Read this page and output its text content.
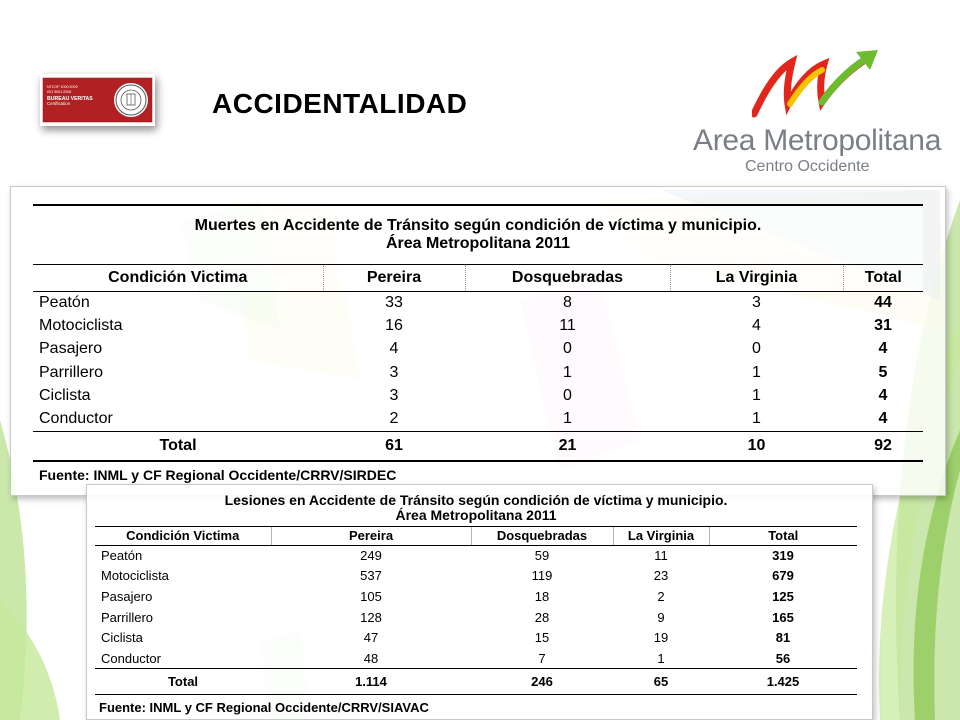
NTCGP 1000:2009
ISO 9001:2008
BUREAU VERITAS
Certification	ACCIDENTALIDAD
Area Metropolitana
Centro Occidente
Muertes en Accidente de Tránsito según condición de víctima y municipio.
Área Metropolitana 2011				

Condición Victima	Pereira	Dosquebradas	La Virginia	Total
Peatón	33	8	3	44
Motociclista	16	11	4	31
Pasajero	4	0	0	4
Parrillero	3	1	1	5
Ciclista	3	0	1	4
Conductor	2	1	1	4
Total	61	21	10	92
Fuente: INML y CF Regional Occidente/CRRV/SIRDEC				
Lesiones en Accidente de Tránsito según condición de víctima y municipio.
Área Metropolitana 2011				

Condición Victima	Pereira	Dosquebradas	La Virginia	Total
Peatón	249	59	11	319
Motociclista	537	119	23	679
Pasajero	105	18	2	125
Parrillero	128	28	9	165
Ciclista	47	15	19	81
Conductor	48	7	1	56
Total	1.114	246	65	1.425
Fuente: INML y CF Regional Occidente/CRRV/SIAVAC				
